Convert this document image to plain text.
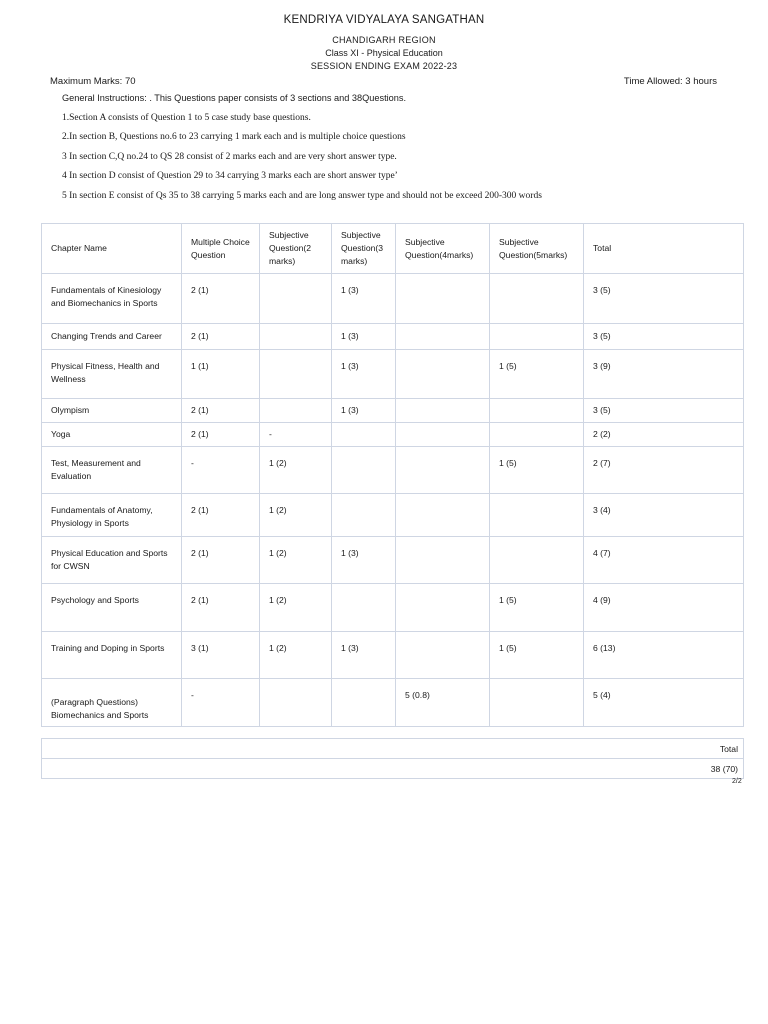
KENDRIYA VIDYALAYA SANGATHAN
CHANDIGARH REGION
Class XI - Physical Education
SESSION ENDING EXAM 2022-23
Maximum Marks: 70	Time Allowed: 3 hours
General Instructions: . This Questions paper consists of 3 sections and 38Questions.
1.Section A consists of Question 1 to 5 case study base questions.
2.In section B, Questions no.6 to 23 carrying 1 mark each and is multiple choice questions
3 In section C,Q no.24 to QS 28 consist of 2 marks each and are very short answer type.
4 In section D consist of Question 29 to 34 carrying 3 marks each are short answer type’
5 In section E consist of Qs 35 to 38 carrying 5 marks each and are long answer type and should not be exceed 200-300 words
Chapter Name	Multiple Choice Question	Subjective Question(2 marks)	Subjective Question(3 marks)	Subjective Question(4marks)	Subjective Question(5marks)	Total
Fundamentals of Kinesiology and Biomechanics in Sports	2 (1)		1 (3)			3 (5)
Changing Trends and Career	2 (1)		1 (3)			3 (5)
Physical Fitness, Health and Wellness	1 (1)		1 (3)		1 (5)	3 (9)
Olympism	2 (1)		1 (3)			3 (5)
Yoga	2 (1)	-				2 (2)
Test, Measurement and Evaluation	-	1 (2)			1 (5)	2 (7)
Fundamentals of Anatomy, Physiology in Sports	2 (1)	1 (2)				3 (4)
Physical Education and Sports for CWSN	2 (1)	1 (2)	1 (3)			4 (7)
Psychology and Sports	2 (1)	1 (2)			1 (5)	4 (9)
Training and Doping in Sports	3 (1)	1 (2)	1 (3)		1 (5)	6 (13)
(Paragraph Questions) Biomechanics and Sports	-			5 (0.8)		5 (4)
Total
38 (70)
2/2
